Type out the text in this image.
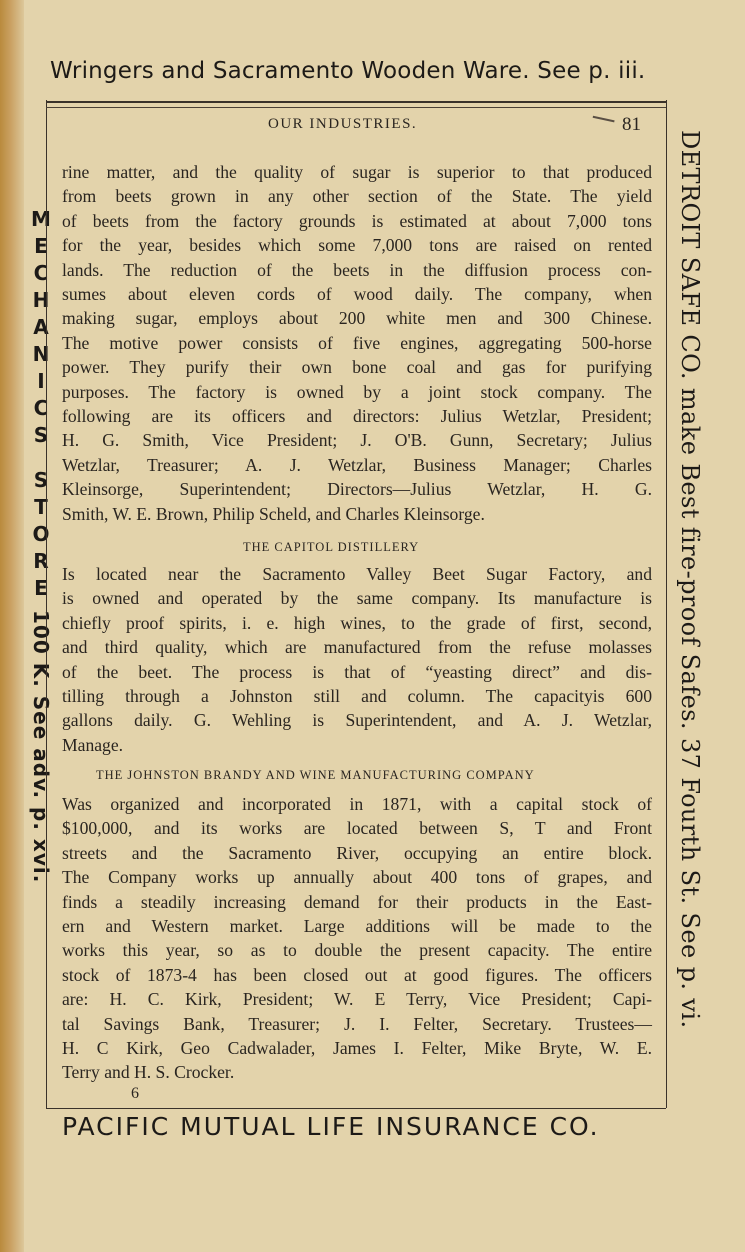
Wringers and Sacramento Wooden Ware. See p. iii.
M
E
C
H
A
N
I
C
S
S
T
O
R
E
100 K. See adv. p. xvi.	DETROIT SAFE CO. make Best fire-proof Safes. 37 Fourth St. See p. vi.
OUR INDUSTRIES.	81
rine matter, and the quality of sugar is superior to that produced
from beets grown in any other section of the State. The yield
of beets from the factory grounds is estimated at about 7,000 tons
for the year, besides which some 7,000 tons are raised on rented
lands. The reduction of the beets in the diffusion process con-
sumes about eleven cords of wood daily. The company, when
making sugar, employs about 200 white men and 300 Chinese.
The motive power consists of five engines, aggregating 500-horse
power. They purify their own bone coal and gas for purifying
purposes. The factory is owned by a joint stock company. The
following are its officers and directors: Julius Wetzlar, President;
H. G. Smith, Vice President; J. O'B. Gunn, Secretary; Julius
Wetzlar, Treasurer; A. J. Wetzlar, Business Manager; Charles
Kleinsorge, Superintendent; Directors—Julius Wetzlar, H. G.
Smith, W. E. Brown, Philip Scheld, and Charles Kleinsorge.
THE CAPITOL DISTILLERY
Is located near the Sacramento Valley Beet Sugar Factory, and
is owned and operated by the same company. Its manufacture is
chiefly proof spirits, i. e. high wines, to the grade of first, second,
and third quality, which are manufactured from the refuse molasses
of the beet. The process is that of “yeasting direct” and dis-
tilling through a Johnston still and column. The capacityis 600
gallons daily. G. Wehling is Superintendent, and A. J. Wetzlar,
Manage.
THE JOHNSTON BRANDY AND WINE MANUFACTURING COMPANY
Was organized and incorporated in 1871, with a capital stock of
$100,000, and its works are located between S, T and Front
streets and the Sacramento River, occupying an entire block.
The Company works up annually about 400 tons of grapes, and
finds a steadily increasing demand for their products in the East-
ern and Western market. Large additions will be made to the
works this year, so as to double the present capacity. The entire
stock of 1873-4 has been closed out at good figures. The officers
are: H. C. Kirk, President; W. E Terry, Vice President; Capi-
tal Savings Bank, Treasurer; J. I. Felter, Secretary. Trustees—
H. C Kirk, Geo Cadwalader, James I. Felter, Mike Bryte, W. E.
Terry and H. S. Crocker.
6
PACIFIC MUTUAL LIFE INSURANCE CO.
